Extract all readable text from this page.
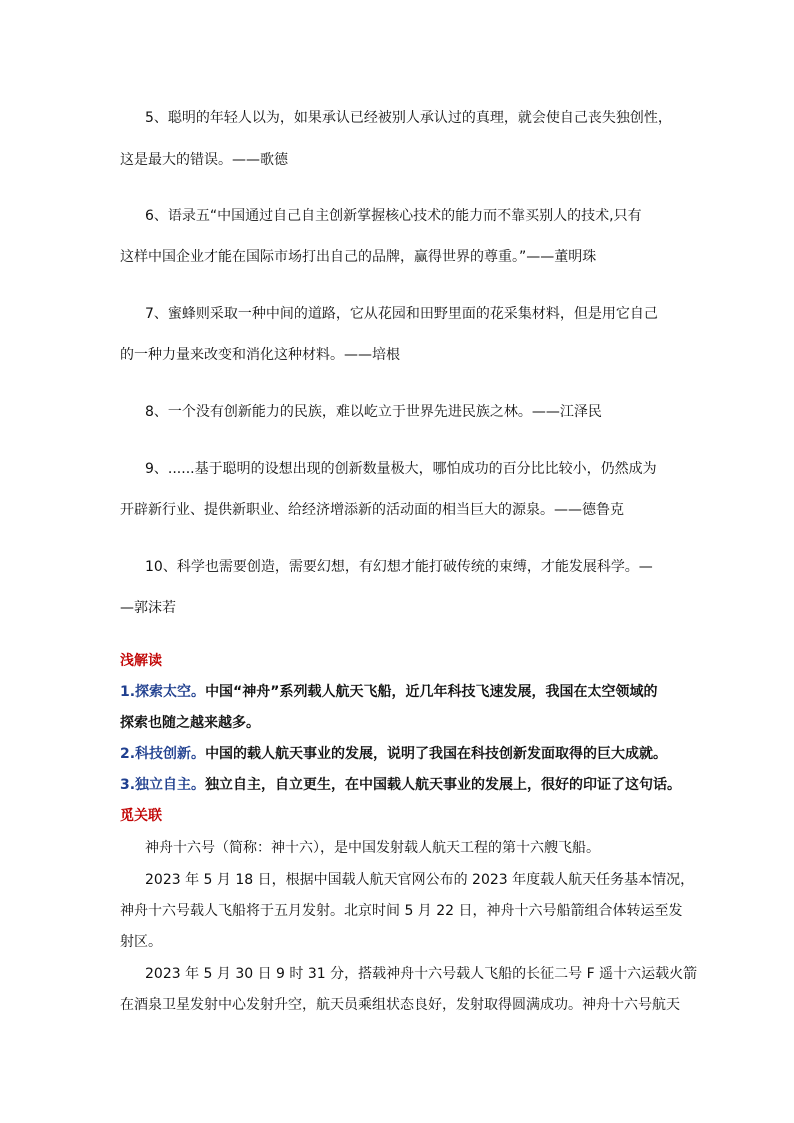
5、聪明的年轻人以为，如果承认已经被别人承认过的真理，就会使自己丧失独创性，
这是最大的错误。——歌德
6、语录五“中国通过自己自主创新掌握核心技术的能力而不靠买别人的技术,只有
这样中国企业才能在国际市场打出自己的品牌，赢得世界的尊重。”——董明珠
7、蜜蜂则采取一种中间的道路，它从花园和田野里面的花采集材料，但是用它自己
的一种力量来改变和消化这种材料。——培根
8、一个没有创新能力的民族，难以屹立于世界先进民族之林。——江泽民
9、......基于聪明的设想出现的创新数量极大，哪怕成功的百分比比较小，仍然成为
开辟新行业、提供新职业、给经济增添新的活动面的相当巨大的源泉。——德鲁克
10、科学也需要创造，需要幻想，有幻想才能打破传统的束缚，才能发展科学。—
—郭沫若
浅解读
1.探索太空。中国“神舟”系列载人航天飞船，近几年科技飞速发展，我国在太空领域的
探索也随之越来越多。
2.科技创新。中国的载人航天事业的发展，说明了我国在科技创新发面取得的巨大成就。
3.独立自主。独立自主，自立更生，在中国载人航天事业的发展上，很好的印证了这句话。
觅关联
神舟十六号（简称：神十六），是中国发射载人航天工程的第十六艘飞船。
2023 年 5 月 18 日，根据中国载人航天官网公布的 2023 年度载人航天任务基本情况，
神舟十六号载人飞船将于五月发射。北京时间 5 月 22 日，神舟十六号船箭组合体转运至发
射区。
2023 年 5 月 30 日 9 时 31 分，搭载神舟十六号载人飞船的长征二号 F 遥十六运载火箭
在酒泉卫星发射中心发射升空，航天员乘组状态良好，发射取得圆满成功。神舟十六号航天
